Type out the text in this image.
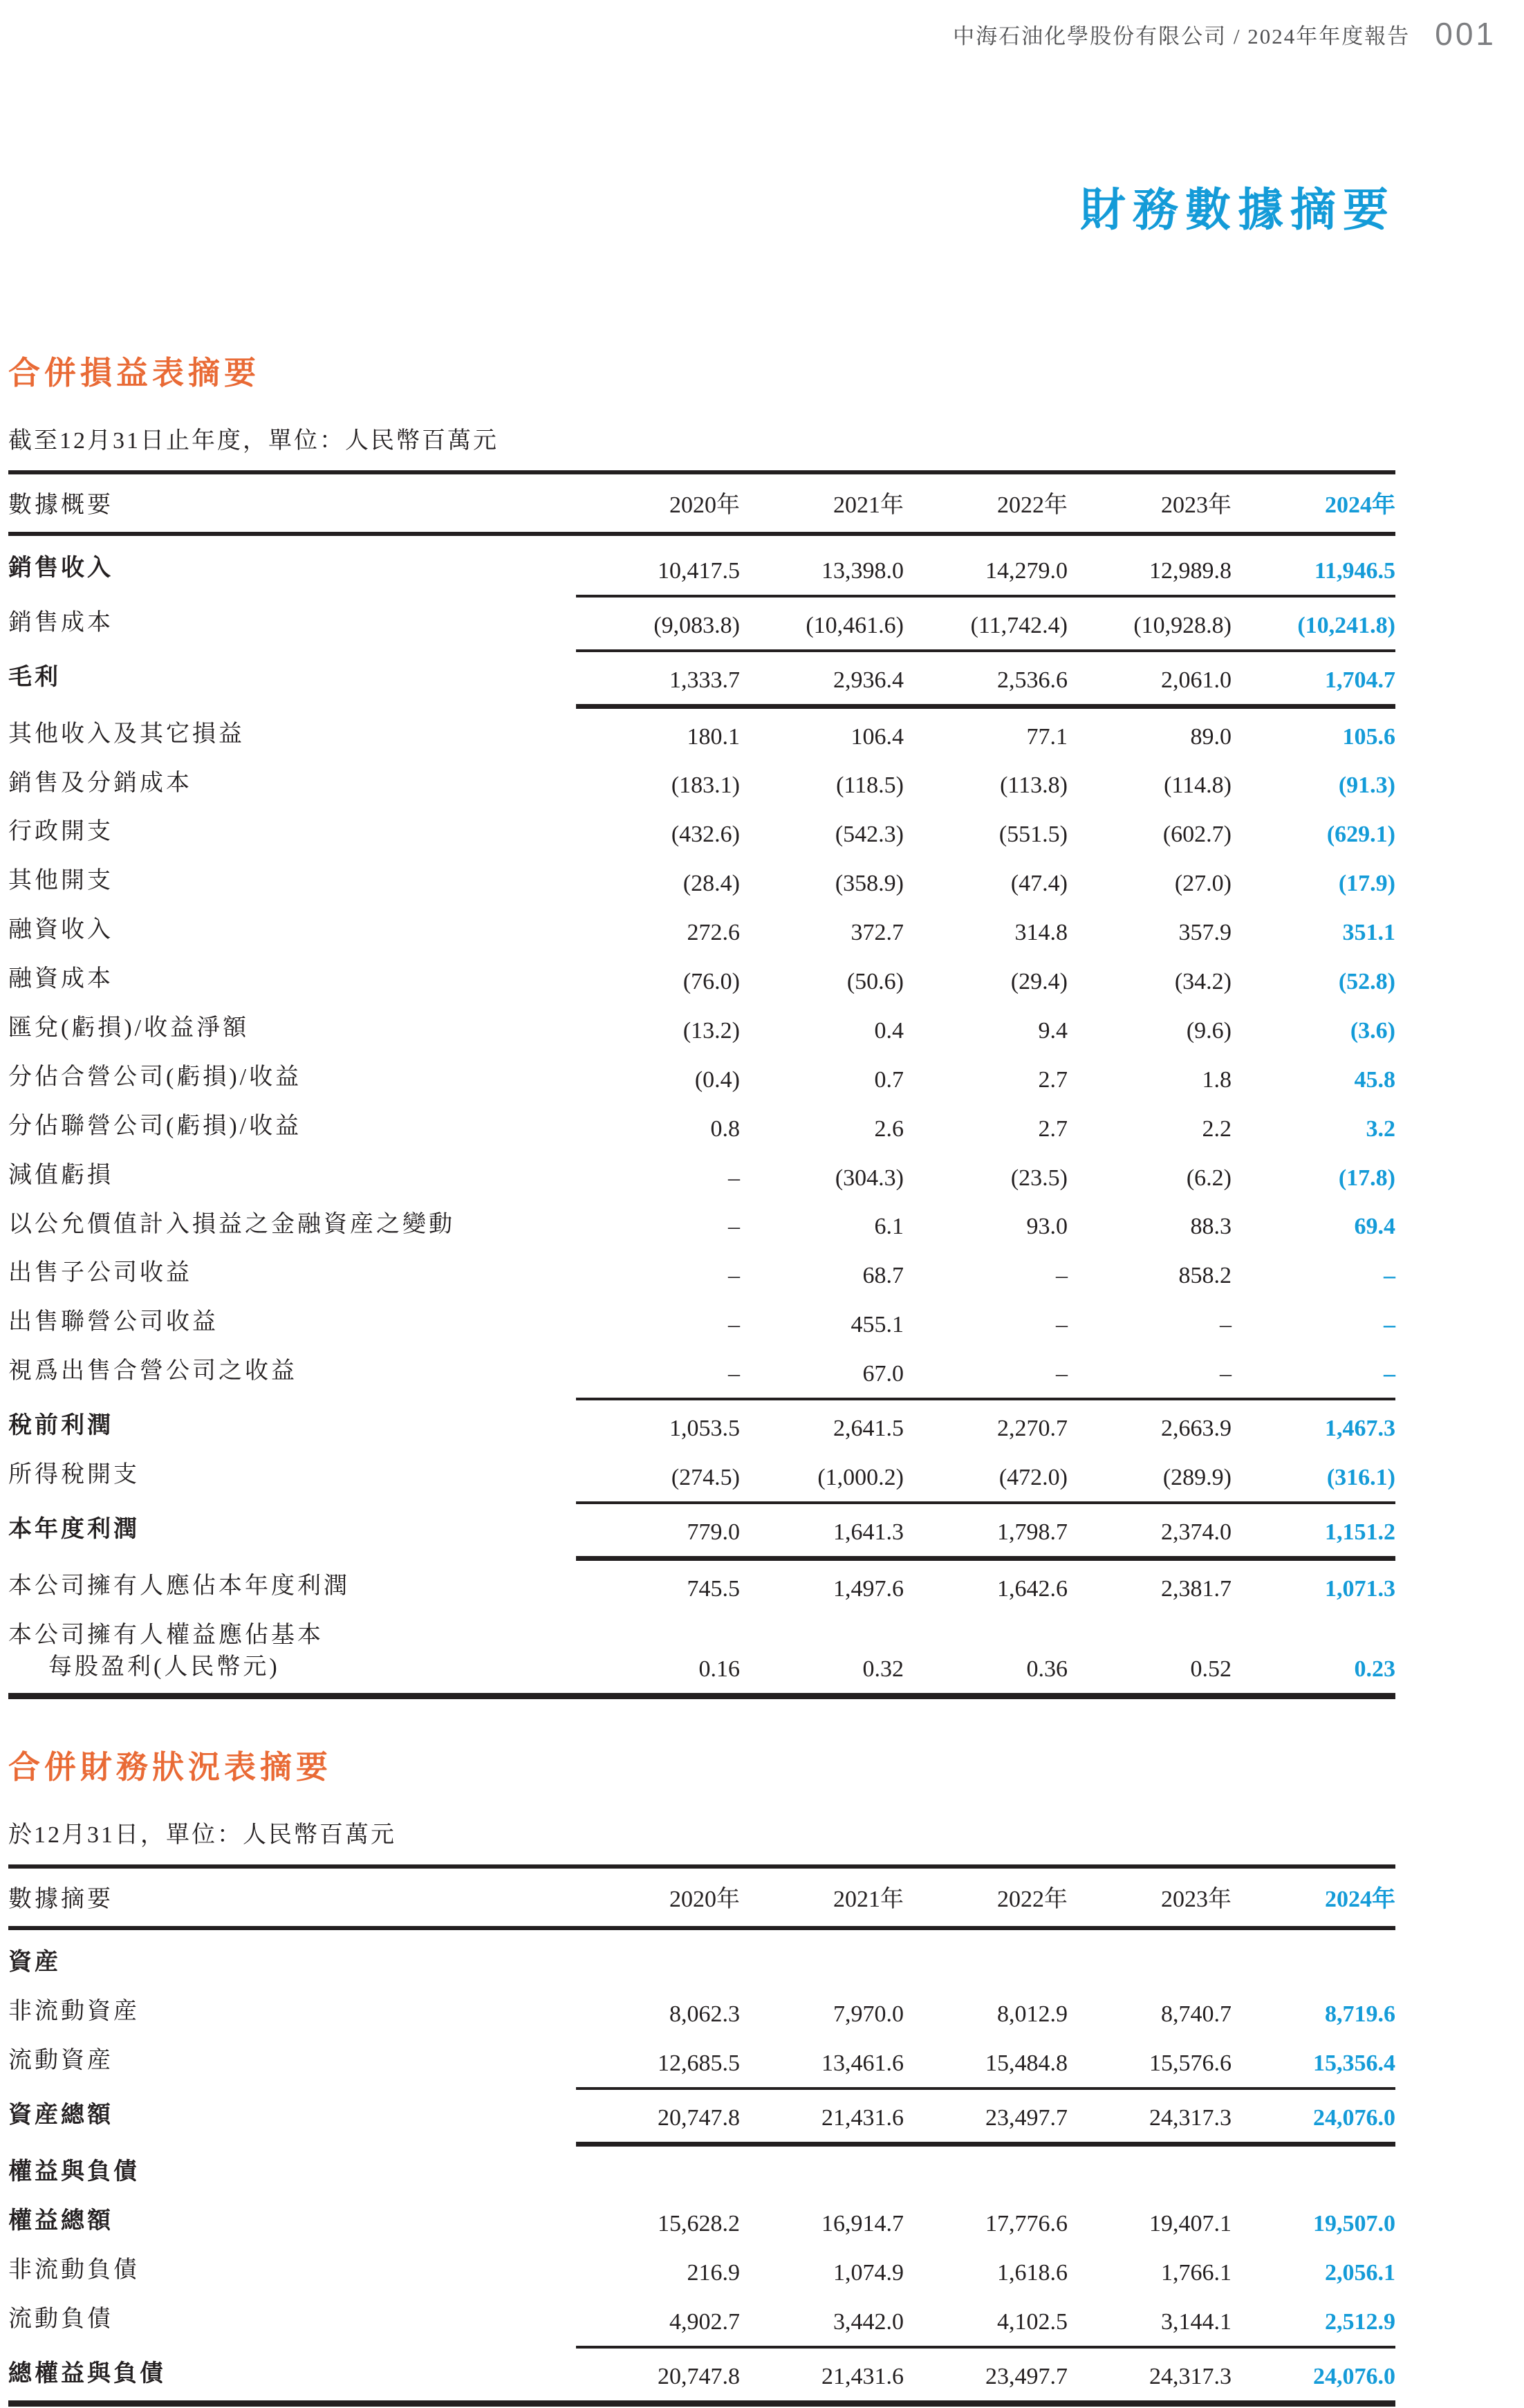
中海石油化學股份有限公司 / 2024年年度報告 001
財務數據摘要
合併損益表摘要
截至12月31日止年度，單位：人民幣百萬元
數據概要	2020年	2021年	2022年	2023年	2024年
銷售收入	10,417.5	13,398.0	14,279.0	12,989.8	11,946.5
銷售成本	(9,083.8)	(10,461.6)	(11,742.4)	(10,928.8)	(10,241.8)
毛利	1,333.7	2,936.4	2,536.6	2,061.0	1,704.7
其他收入及其它損益	180.1	106.4	77.1	89.0	105.6
銷售及分銷成本	(183.1)	(118.5)	(113.8)	(114.8)	(91.3)
行政開支	(432.6)	(542.3)	(551.5)	(602.7)	(629.1)
其他開支	(28.4)	(358.9)	(47.4)	(27.0)	(17.9)
融資收入	272.6	372.7	314.8	357.9	351.1
融資成本	(76.0)	(50.6)	(29.4)	(34.2)	(52.8)
匯兌(虧損)/收益淨額	(13.2)	0.4	9.4	(9.6)	(3.6)
分佔合營公司(虧損)/收益	(0.4)	0.7	2.7	1.8	45.8
分佔聯營公司(虧損)/收益	0.8	2.6	2.7	2.2	3.2
減值虧損	–	(304.3)	(23.5)	(6.2)	(17.8)
以公允價值計入損益之金融資産之變動	–	6.1	93.0	88.3	69.4
出售子公司收益	–	68.7	–	858.2	–
出售聯營公司收益	–	455.1	–	–	–
視爲出售合營公司之收益	–	67.0	–	–	–
稅前利潤	1,053.5	2,641.5	2,270.7	2,663.9	1,467.3
所得稅開支	(274.5)	(1,000.2)	(472.0)	(289.9)	(316.1)
本年度利潤	779.0	1,641.3	1,798.7	2,374.0	1,151.2
本公司擁有人應佔本年度利潤	745.5	1,497.6	1,642.6	2,381.7	1,071.3
本公司擁有人權益應佔基本
每股盈利(人民幣元)	0.16	0.32	0.36	0.52	0.23
合併財務狀況表摘要
於12月31日，單位：人民幣百萬元
數據摘要	2020年	2021年	2022年	2023年	2024年
資産
非流動資産	8,062.3	7,970.0	8,012.9	8,740.7	8,719.6
流動資産	12,685.5	13,461.6	15,484.8	15,576.6	15,356.4
資産總額	20,747.8	21,431.6	23,497.7	24,317.3	24,076.0
權益與負債
權益總額	15,628.2	16,914.7	17,776.6	19,407.1	19,507.0
非流動負債	216.9	1,074.9	1,618.6	1,766.1	2,056.1
流動負債	4,902.7	3,442.0	4,102.5	3,144.1	2,512.9
總權益與負債	20,747.8	21,431.6	23,497.7	24,317.3	24,076.0
